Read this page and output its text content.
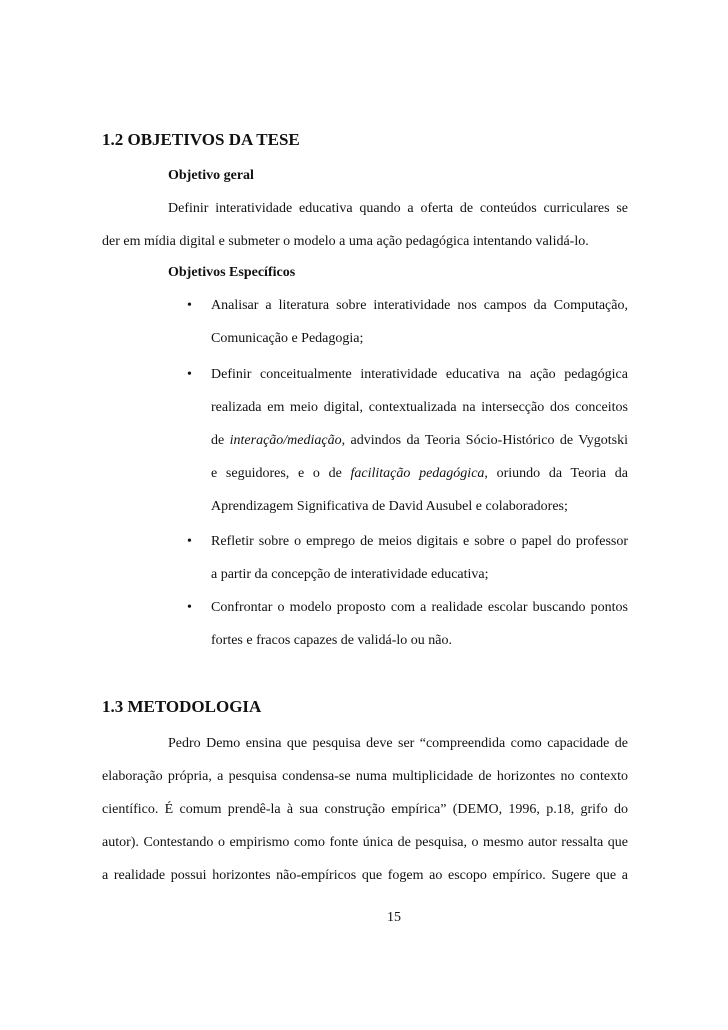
1.2 OBJETIVOS DA TESE
Objetivo geral
Definir interatividade educativa quando a oferta de conteúdos curriculares se
der em mídia digital e submeter o modelo a uma ação pedagógica intentando validá-lo.
Objetivos Específicos
• Analisar a literatura sobre interatividade nos campos da Computação,
Comunicação e Pedagogia;
• Definir conceitualmente interatividade educativa na ação pedagógica
realizada em meio digital, contextualizada na intersecção dos conceitos
de interação/mediação, advindos da Teoria Sócio-Histórico de Vygotski
e seguidores, e o de facilitação pedagógica, oriundo da Teoria da
Aprendizagem Significativa de David Ausubel e colaboradores;
• Refletir sobre o emprego de meios digitais e sobre o papel do professor
a partir da concepção de interatividade educativa;
• Confrontar o modelo proposto com a realidade escolar buscando pontos
fortes e fracos capazes de validá-lo ou não.
1.3 METODOLOGIA
Pedro Demo ensina que pesquisa deve ser “compreendida como capacidade de
elaboração própria, a pesquisa condensa-se numa multiplicidade de horizontes no contexto
científico. É comum prendê-la à sua construção empírica” (DEMO, 1996, p.18, grifo do
autor). Contestando o empirismo como fonte única de pesquisa, o mesmo autor ressalta que
a realidade possui horizontes não-empíricos que fogem ao escopo empírico. Sugere que a
15
